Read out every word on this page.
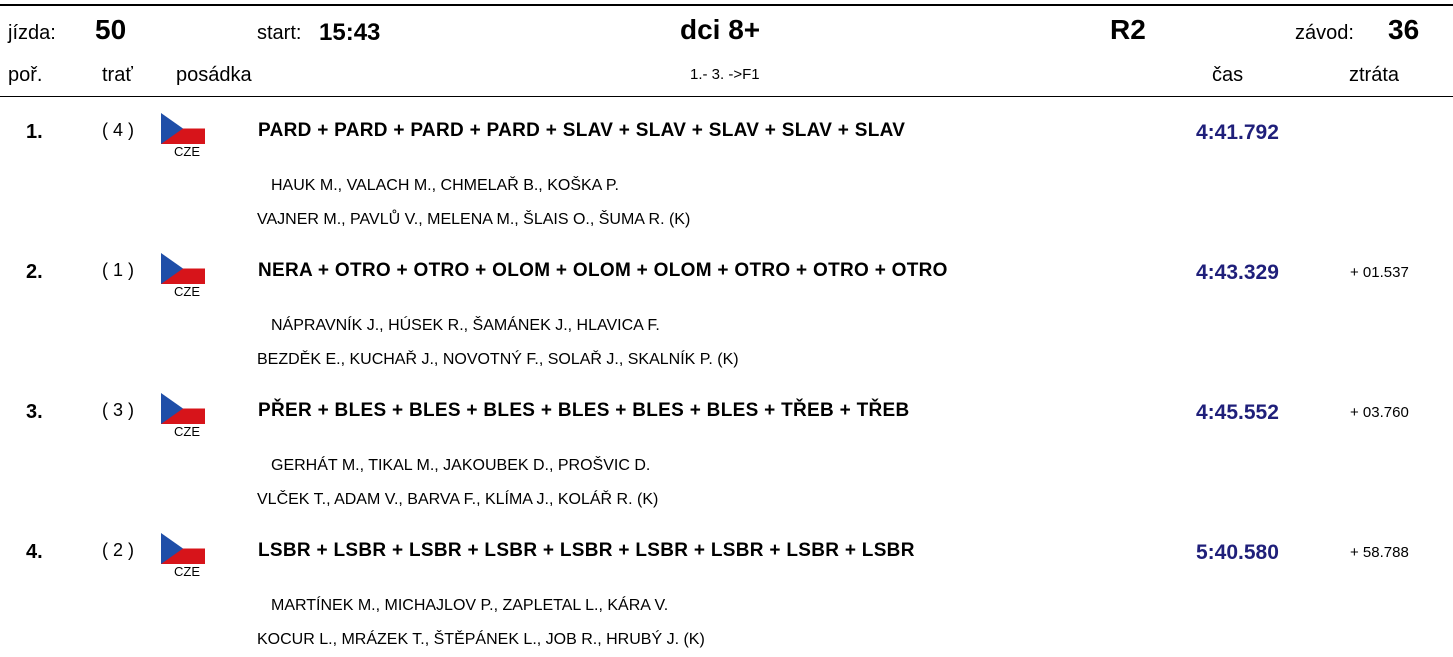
jízda: 50	start: 15:43	dci 8+	R2	závod: 36
poř.	trať posádka	1.- 3. ->F1	čas	ztráta
1.	( 4 )
CZE
PARD + PARD + PARD + PARD + SLAV + SLAV + SLAV + SLAV + SLAV	4:41.792
HAUK M., VALACH M., CHMELAŘ B., KOŠKA P.
VAJNER M., PAVLŮ V., MELENA M., ŠLAIS O., ŠUMA R. (K)
2.	( 1 )
CZE
NERA + OTRO + OTRO + OLOM + OLOM + OLOM + OTRO + OTRO + OTRO	4:43.329	+ 01.537
NÁPRAVNÍK J., HÚSEK R., ŠAMÁNEK J., HLAVICA F.
BEZDĚK E., KUCHAŘ J., NOVOTNÝ F., SOLAŘ J., SKALNÍK P. (K)
3.	( 3 )
CZE
PŘER + BLES + BLES + BLES + BLES + BLES + BLES + TŘEB + TŘEB	4:45.552	+ 03.760
GERHÁT M., TIKAL M., JAKOUBEK D., PROŠVIC D.
VLČEK T., ADAM V., BARVA F., KLÍMA J., KOLÁŘ R. (K)
4.	( 2 )
CZE
LSBR + LSBR + LSBR + LSBR + LSBR + LSBR + LSBR + LSBR + LSBR	5:40.580	+ 58.788
MARTÍNEK M., MICHAJLOV P., ZAPLETAL L., KÁRA V.
KOCUR L., MRÁZEK T., ŠTĚPÁNEK L., JOB R., HRUBÝ J. (K)
